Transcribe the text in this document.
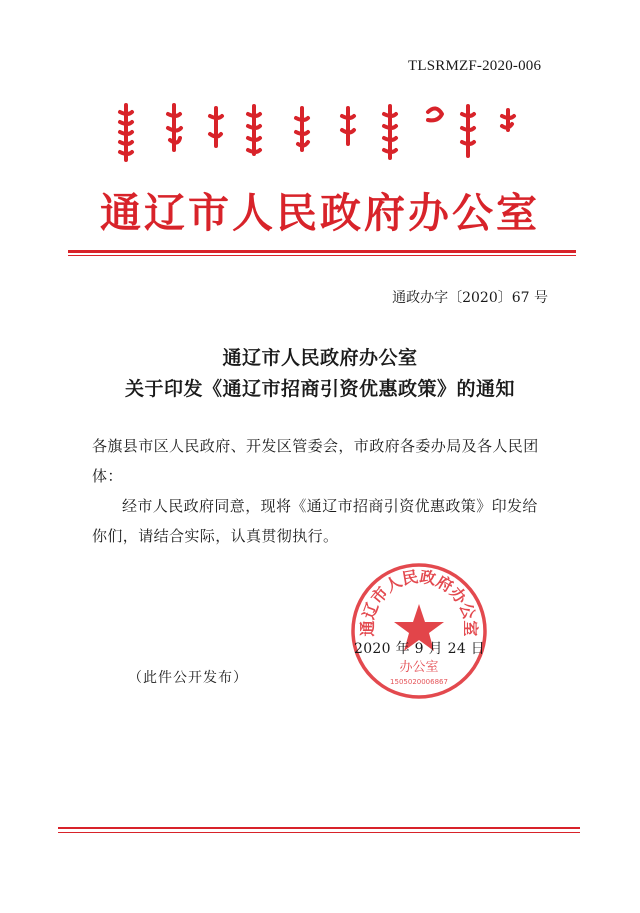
TLSRMZF-2020-006
通辽市人民政府办公室
通政办字〔2020〕67 号
通辽市人民政府办公室
关于印发《通辽市招商引资优惠政策》的通知
各旗县市区人民政府、开发区管委会，市政府各委办局及各人民团体：
经市人民政府同意，现将《通辽市招商引资优惠政策》印发给你们，请结合实际，认真贯彻执行。
通辽市人民政府办公室
办公室
1505020006867
2020 年 9 月 24 日
（此件公开发布）
